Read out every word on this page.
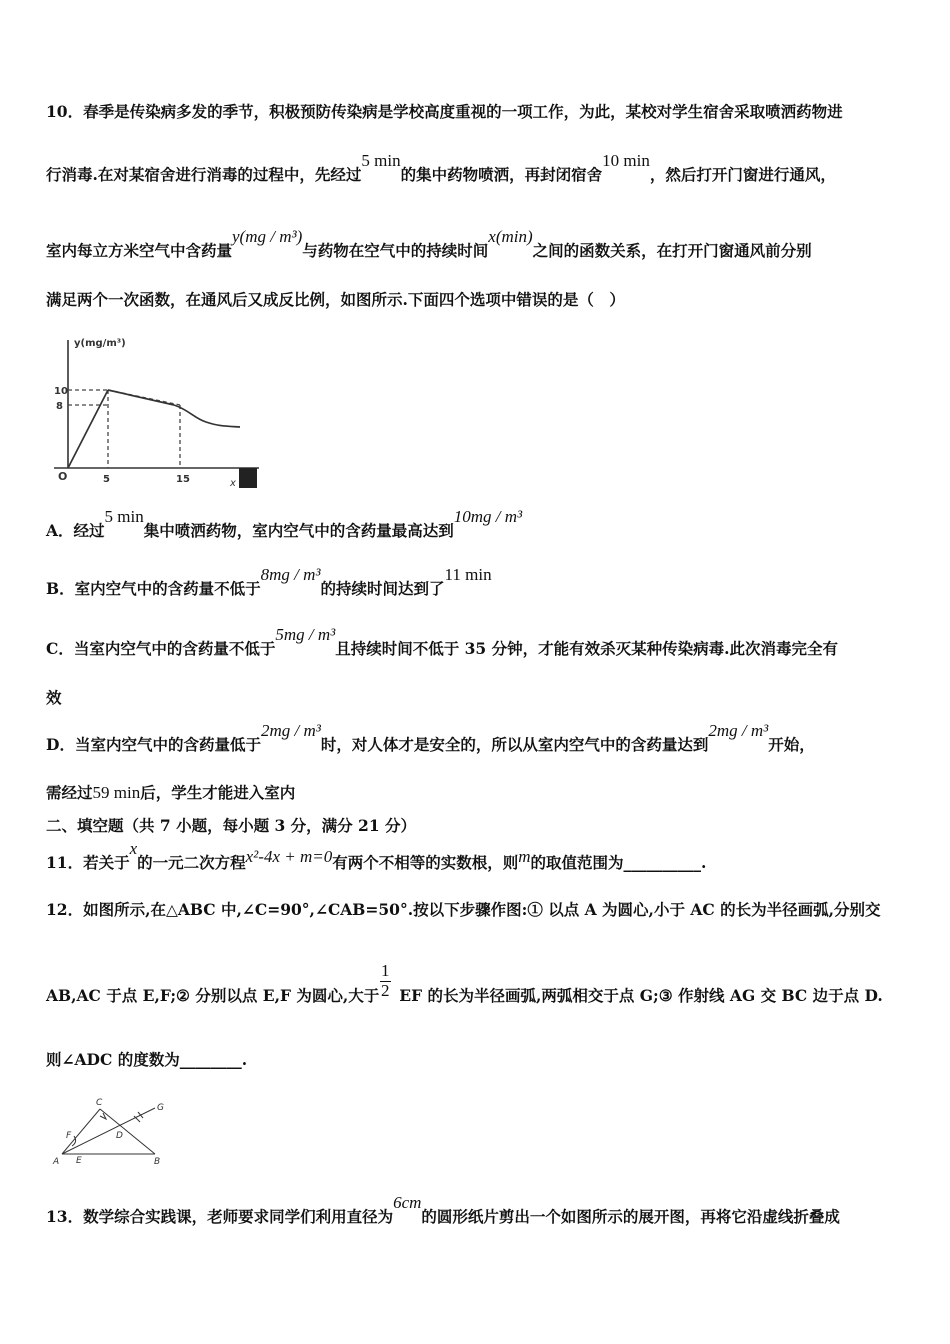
10．春季是传染病多发的季节，积极预防传染病是学校高度重视的一项工作，为此，某校对学生宿舍采取喷洒药物进
行消毒.在对某宿舍进行消毒的过程中，先经过5 min的集中药物喷洒，再封闭宿舍10 min，然后打开门窗进行通风，
室内每立方米空气中含药量y(mg / m³)与药物在空气中的持续时间x(min)之间的函数关系，在打开门窗通风前分别
满足两个一次函数，在通风后又成反比例，如图所示.下面四个选项中错误的是（　）
y(mg/m³)
10
8
5	15
O
x
A．经过5 min集中喷洒药物，室内空气中的含药量最高达到10mg / m³
B．室内空气中的含药量不低于8mg / m³的持续时间达到了11 min
C．当室内空气中的含药量不低于5mg / m³且持续时间不低于 35 分钟，才能有效杀灭某种传染病毒.此次消毒完全有
效
D．当室内空气中的含药量低于2mg / m³时，对人体才是安全的，所以从室内空气中的含药量达到2mg / m³开始，
需经过59 min后，学生才能进入室内
二、填空题（共 7 小题，每小题 3 分，满分 21 分）
11．若关于x的一元二次方程x²-4x + m=0有两个不相等的实数根，则m的取值范围为__________.
12．如图所示,在△ABC 中,∠C=90°,∠CAB=50°.按以下步骤作图:① 以点 A 为圆心,小于 AC 的长为半径画弧,分别交
$\frac{1}{2}$
AB,AC 于点 E,F;② 分别以点 E,F 为圆心,大于 EF 的长为半径画弧,两弧相交于点 G;③ 作射线 AG 交 BC 边于点 D.
则∠ADC 的度数为________.
C	G
F	D
A E	B
13．数学综合实践课，老师要求同学们利用直径为6cm的圆形纸片剪出一个如图所示的展开图，再将它沿虚线折叠成
